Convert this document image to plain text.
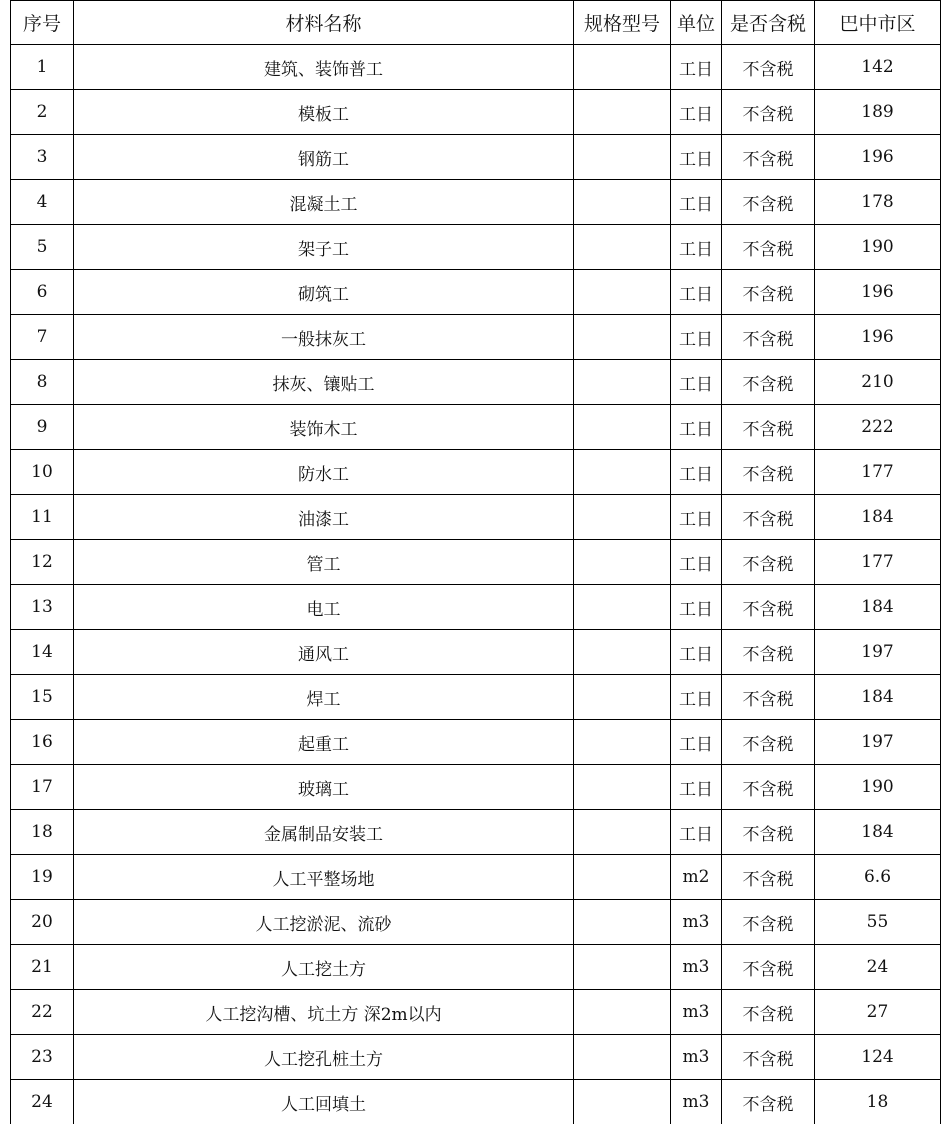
序号	材料名称	规格型号	单位	是否含税	巴中市区
1	建筑、装饰普工		工日	不含税	142
2	模板工		工日	不含税	189
3	钢筋工		工日	不含税	196
4	混凝土工		工日	不含税	178
5	架子工		工日	不含税	190
6	砌筑工		工日	不含税	196
7	一般抹灰工		工日	不含税	196
8	抹灰、镶贴工		工日	不含税	210
9	装饰木工		工日	不含税	222
10	防水工		工日	不含税	177
11	油漆工		工日	不含税	184
12	管工		工日	不含税	177
13	电工		工日	不含税	184
14	通风工		工日	不含税	197
15	焊工		工日	不含税	184
16	起重工		工日	不含税	197
17	玻璃工		工日	不含税	190
18	金属制品安装工		工日	不含税	184
19	人工平整场地		m2	不含税	6.6
20	人工挖淤泥、流砂		m3	不含税	55
21	人工挖土方		m3	不含税	24
22	人工挖沟槽、坑土方 深2m以内		m3	不含税	27
23	人工挖孔桩土方		m3	不含税	124
24	人工回填土		m3	不含税	18
